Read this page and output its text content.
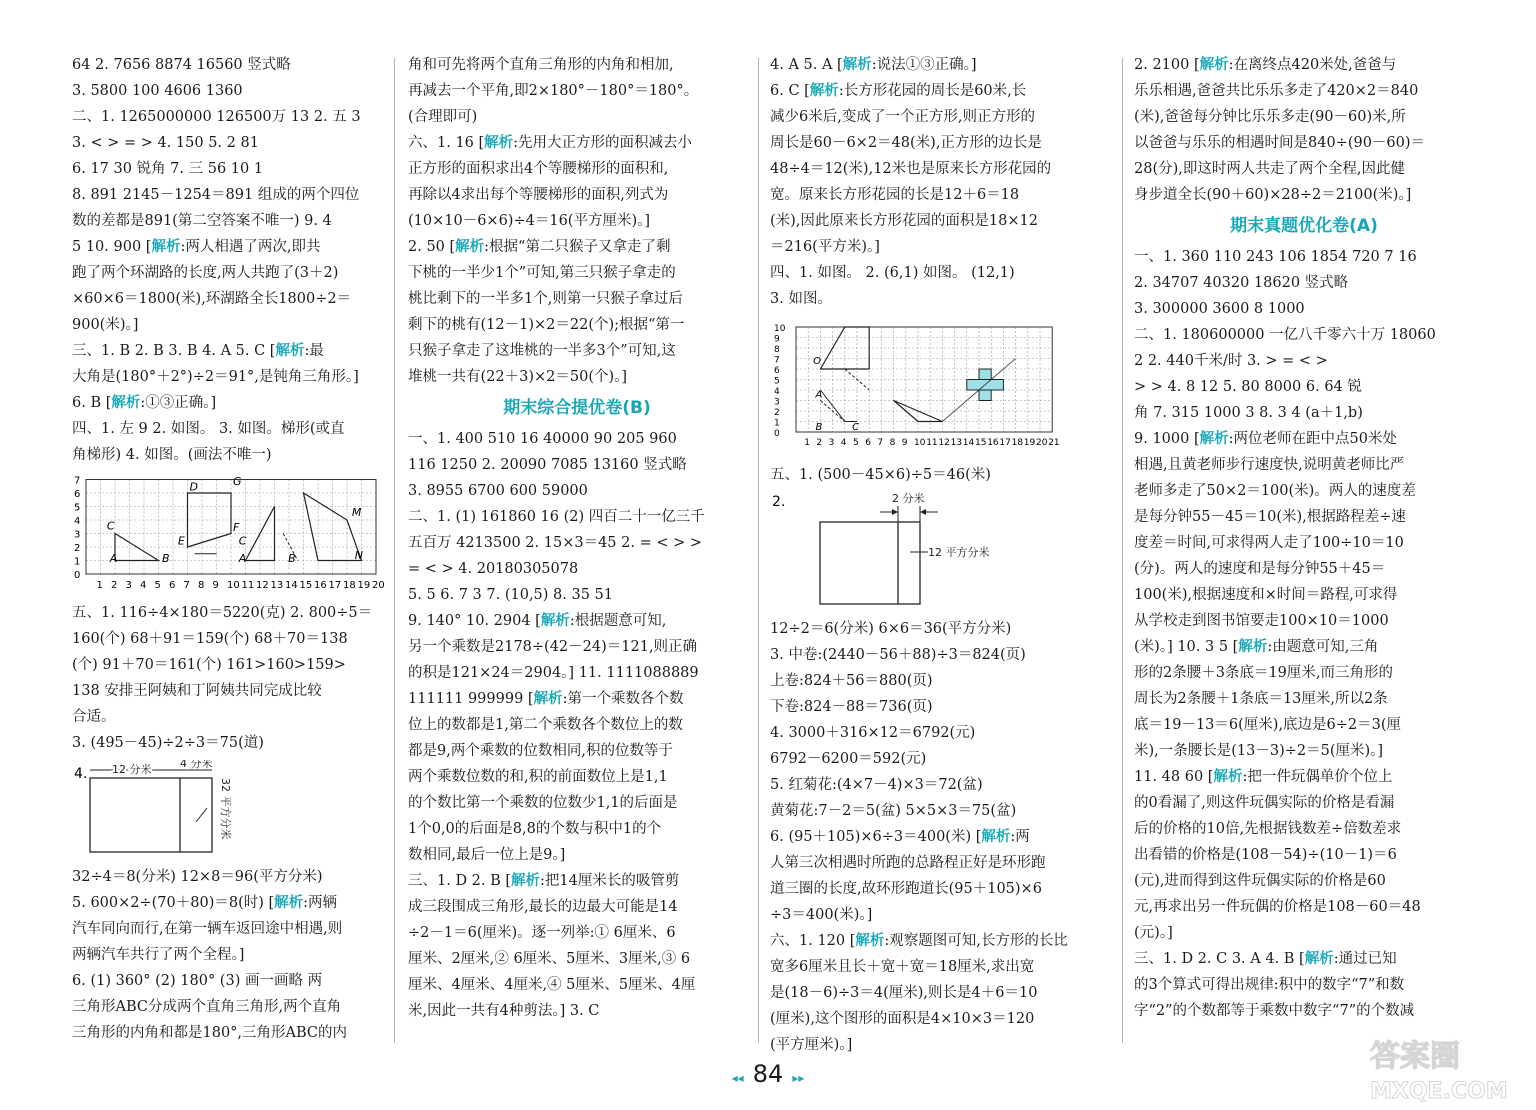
64 2. 7656 8874 16560 竖式略
3. 5800 100 4606 1360
二、1. 1265000000 126500万 13 2. 五 3
3. < > = > 4. 150 5. 2 81
6. 17 30 锐角 7. 三 56 10 1
8. 891 2145－1254＝891 组成的两个四位
数的差都是891(第二空答案不唯一) 9. 4
5 10. 900 [解析:两人相遇了两次,即共
跑了两个环湖路的长度,两人共跑了(3＋2)
×60×6＝1800(米),环湖路全长1800÷2＝
900(米)。]
三、1. B 2. B 3. B 4. A 5. C [解析:最
大角是(180°＋2°)÷2＝91°,是钝角三角形。]
6. B [解析:①③正确。]
四、1. 左 9 2. 如图。 3. 如图。梯形(或直
角梯形) 4. 如图。(画法不唯一)
7
6
5
4
3
2
1
0
1 2 3 4 5 6 7 8 9 10 11 12 13 14 15 16 17 18 19 20
D	G
F
C
E	C
A	B	A	B	N
M
五、1. 116÷4×180＝5220(克) 2. 800÷5＝
160(个) 68＋91＝159(个) 68＋70＝138
(个) 91＋70＝161(个) 161>160>159>
138 安排王阿姨和丁阿姨共同完成比较
合适。
3. (495－45)÷2÷3＝75(道)
4. 12 分米	4 分米
32 平方分米
32÷4＝8(分米) 12×8＝96(平方分米)
5. 600×2÷(70＋80)＝8(时) [解析:两辆
汽车同向而行,在第一辆车返回途中相遇,则
两辆汽车共行了两个全程。]
6. (1) 360° (2) 180° (3) 画一画略 两
三角形ABC分成两个直角三角形,两个直角
三角形的内角和都是180°,三角形ABC的内
角和可先将两个直角三角形的内角和相加,
再减去一个平角,即2×180°－180°＝180°。
(合理即可)
六、1. 16 [解析:先用大正方形的面积减去小
正方形的面积求出4个等腰梯形的面积和,
再除以4求出每个等腰梯形的面积,列式为
(10×10－6×6)÷4＝16(平方厘米)。]
2. 50 [解析:根据“第二只猴子又拿走了剩
下桃的一半少1个”可知,第三只猴子拿走的
桃比剩下的一半多1个,则第一只猴子拿过后
剩下的桃有(12－1)×2＝22(个);根据“第一
只猴子拿走了这堆桃的一半多3个”可知,这
堆桃一共有(22＋3)×2＝50(个)。]
期末综合提优卷(B)
一、1. 400 510 16 40000 90 205 960
116 1250 2. 20090 7085 13160 竖式略
3. 8955 6700 600 59000
二、1. (1) 161860 16 (2) 四百二十一亿三千
五百万 4213500 2. 15×3＝45 2. = < > >
= < > 4. 20180305078
5. 5 6. 7 3 7. (10,5) 8. 35 51
9. 140° 10. 2904 [解析:根据题意可知,
另一个乘数是2178÷(42－24)＝121,则正确
的积是121×24＝2904。] 11. 1111088889
111111 999999 [解析:第一个乘数各个数
位上的数都是1,第二个乘数各个数位上的数
都是9,两个乘数的位数相同,积的位数等于
两个乘数位数的和,积的前面数位上是1,1
的个数比第一个乘数的位数少1,1的后面是
1个0,0的后面是8,8的个数与积中1的个
数相同,最后一位上是9。]
三、1. D 2. B [解析:把14厘米长的吸管剪
成三段围成三角形,最长的边最大可能是14
÷2－1＝6(厘米)。逐一列举:① 6厘米、6
厘米、2厘米,② 6厘米、5厘米、3厘米,③ 6
厘米、4厘米、4厘米,④ 5厘米、5厘米、4厘
米,因此一共有4种剪法。] 3. C
4. A 5. A [解析:说法①③正确。]
6. C [解析:长方形花园的周长是60米,长
减少6米后,变成了一个正方形,则正方形的
周长是60－6×2＝48(米),正方形的边长是
48÷4＝12(米),12米也是原来长方形花园的
宽。原来长方形花园的长是12＋6＝18
(米),因此原来长方形花园的面积是18×12
＝216(平方米)。]
四、1. 如图。 2. (6,1) 如图。 (12,1)
3. 如图。
10
9
8
7
6
5
4
3
2
1
0
1 2 3 4 5 6 7 8 9 10 11 12 13 14 15 16 17 18 19 20 21
O
A
B	C
五、1. (500－45×6)÷5＝46(米)
2.	2 分米
12 平方分米
12÷2＝6(分米) 6×6＝36(平方分米)
3. 中卷:(2440－56＋88)÷3＝824(页)
上卷:824＋56＝880(页)
下卷:824－88＝736(页)
4. 3000＋316×12＝6792(元)
6792－6200＝592(元)
5. 红菊花:(4×7－4)×3＝72(盆)
黄菊花:7－2＝5(盆) 5×5×3＝75(盆)
6. (95＋105)×6÷3＝400(米) [解析:两
人第三次相遇时所跑的总路程正好是环形跑
道三圈的长度,故环形跑道长(95＋105)×6
÷3＝400(米)。]
六、1. 120 [解析:观察题图可知,长方形的长比
宽多6厘米且长＋宽＋宽＝18厘米,求出宽
是(18－6)÷3＝4(厘米),则长是4＋6＝10
(厘米),这个图形的面积是4×10×3＝120
(平方厘米)。]
2. 2100 [解析:在离终点420米处,爸爸与
乐乐相遇,爸爸共比乐乐多走了420×2＝840
(米),爸爸每分钟比乐乐多走(90－60)米,所
以爸爸与乐乐的相遇时间是840÷(90－60)＝
28(分),即这时两人共走了两个全程,因此健
身步道全长(90＋60)×28÷2＝2100(米)。]
期末真题优化卷(A)
一、1. 360 110 243 106 1854 720 7 16
2. 34707 40320 18620 竖式略
3. 300000 3600 8 1000
二、1. 180600000 一亿八千零六十万 18060
2 2. 440千米/时 3. > = < >
> > 4. 8 12 5. 80 8000 6. 64 锐
角 7. 315 1000 3 8. 3 4 (a＋1,b)
9. 1000 [解析:两位老师在距中点50米处
相遇,且黄老师步行速度快,说明黄老师比严
老师多走了50×2＝100(米)。两人的速度差
是每分钟55－45＝10(米),根据路程差÷速
度差＝时间,可求得两人走了100÷10＝10
(分)。两人的速度和是每分钟55＋45＝
100(米),根据速度和×时间＝路程,可求得
从学校走到图书馆要走100×10＝1000
(米)。] 10. 3 5 [解析:由题意可知,三角
形的2条腰＋3条底＝19厘米,而三角形的
周长为2条腰＋1条底＝13厘米,所以2条
底＝19－13＝6(厘米),底边是6÷2＝3(厘
米),一条腰长是(13－3)÷2＝5(厘米)。]
11. 48 60 [解析:把一件玩偶单价个位上
的0看漏了,则这件玩偶实际的价格是看漏
后的价格的10倍,先根据钱数差÷倍数差求
出看错的价格是(108－54)÷(10－1)＝6
(元),进而得到这件玩偶实际的价格是60
元,再求出另一件玩偶的价格是108－60＝48
(元)。]
三、1. D 2. C 3. A 4. B [解析:通过已知
的3个算式可得出规律:积中的数字“7”和数
字“2”的个数都等于乘数中数字“7”的个数减
◂◂ 84 ▸▸
答案圈
MXQE.COM
